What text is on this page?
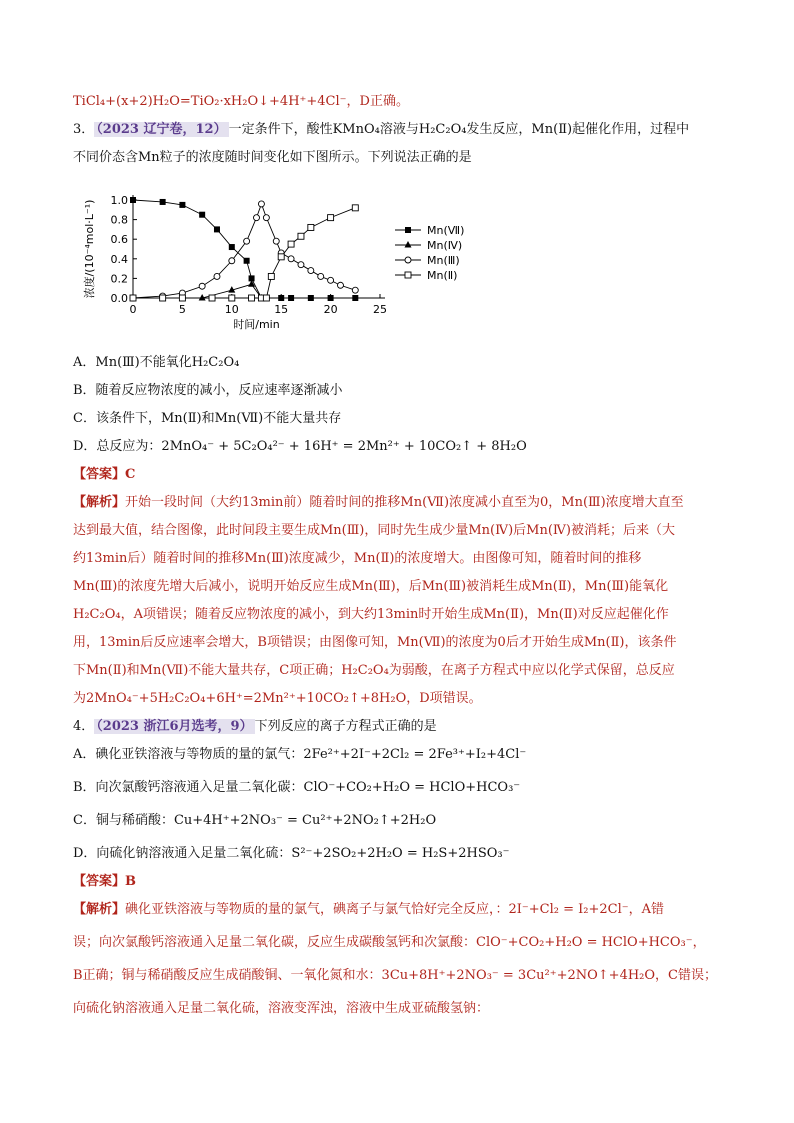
TiCl₄+(x+2)H₂O=TiO₂·xH₂O↓+4H⁺+4Cl⁻，D正确。
3． （2023 辽宁卷，12） 一定条件下，酸性KMnO₄溶液与H₂C₂O₄发生反应，Mn(Ⅱ)起催化作用，过程中
不同价态含Mn粒子的浓度随时间变化如下图所示。下列说法正确的是
0	5	10	15	20	25
0.0
0.2
0.4
0.6
0.8
1.0
时间/min
浓度/(10⁻⁴mol·L⁻¹)	Mn(Ⅶ)
Mn(Ⅳ)
Mn(Ⅲ)
Mn(Ⅱ)
A．Mn(Ⅲ)不能氧化H₂C₂O₄
B．随着反应物浓度的减小，反应速率逐渐减小
C．该条件下，Mn(Ⅱ)和Mn(Ⅶ)不能大量共存
D．总反应为：2MnO₄⁻ + 5C₂O₄²⁻ + 16H⁺ = 2Mn²⁺ + 10CO₂↑ + 8H₂O
【答案】C
【解析】开始一段时间（大约13min前）随着时间的推移Mn(Ⅶ)浓度减小直至为0，Mn(Ⅲ)浓度增大直至
达到最大值，结合图像，此时间段主要生成Mn(Ⅲ)，同时先生成少量Mn(Ⅳ)后Mn(Ⅳ)被消耗；后来（大
约13min后）随着时间的推移Mn(Ⅲ)浓度减少，Mn(Ⅱ)的浓度增大。由图像可知，随着时间的推移
Mn(Ⅲ)的浓度先增大后减小，说明开始反应生成Mn(Ⅲ)，后Mn(Ⅲ)被消耗生成Mn(Ⅱ)，Mn(Ⅲ)能氧化
H₂C₂O₄，A项错误；随着反应物浓度的减小，到大约13min时开始生成Mn(Ⅱ)，Mn(Ⅱ)对反应起催化作
用，13min后反应速率会增大，B项错误；由图像可知，Mn(Ⅶ)的浓度为0后才开始生成Mn(Ⅱ)，该条件
下Mn(Ⅱ)和Mn(Ⅶ)不能大量共存，C项正确；H₂C₂O₄为弱酸，在离子方程式中应以化学式保留，总反应
为2MnO₄⁻+5H₂C₂O₄+6H⁺=2Mn²⁺+10CO₂↑+8H₂O，D项错误。
4． （2023 浙江6月选考，9） 下列反应的离子方程式正确的是
A．碘化亚铁溶液与等物质的量的氯气：2Fe²⁺+2I⁻+2Cl₂ = 2Fe³⁺+I₂+4Cl⁻
B．向次氯酸钙溶液通入足量二氧化碳：ClO⁻+CO₂+H₂O = HClO+HCO₃⁻
C．铜与稀硝酸：Cu+4H⁺+2NO₃⁻ = Cu²⁺+2NO₂↑+2H₂O
D．向硫化钠溶液通入足量二氧化硫：S²⁻+2SO₂+2H₂O = H₂S+2HSO₃⁻
【答案】B
【解析】碘化亚铁溶液与等物质的量的氯气，碘离子与氯气恰好完全反应，：2I⁻+Cl₂ = I₂+2Cl⁻，A错
误；向次氯酸钙溶液通入足量二氧化碳，反应生成碳酸氢钙和次氯酸：ClO⁻+CO₂+H₂O = HClO+HCO₃⁻，
B正确；铜与稀硝酸反应生成硝酸铜、一氧化氮和水：3Cu+8H⁺+2NO₃⁻ = 3Cu²⁺+2NO↑+4H₂O，C错误；
向硫化钠溶液通入足量二氧化硫，溶液变浑浊，溶液中生成亚硫酸氢钠：
